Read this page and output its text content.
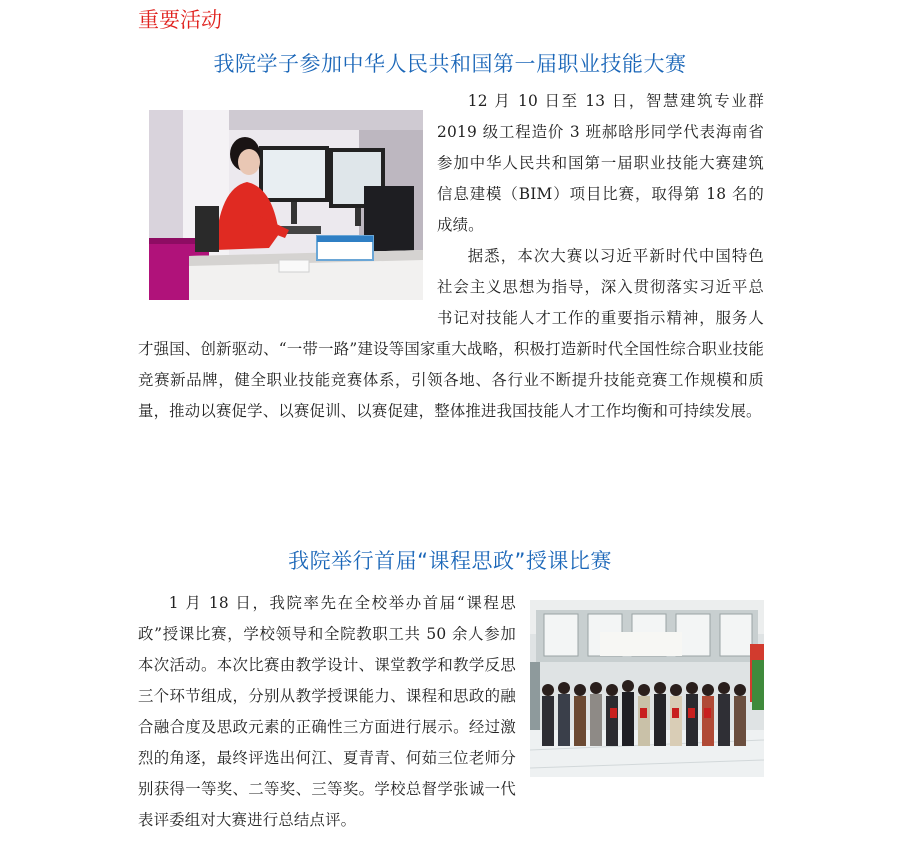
重要活动
我院学子参加中华人民共和国第一届职业技能大赛

12 月 10 日至 13 日，智慧建筑专业群 2019 级工程造价 3 班郝晗彤同学代表海南省参加中华人民共和国第一届职业技能大赛建筑信息建模（BIM）项目比赛，取得第 18 名的成绩。

据悉，本次大赛以习近平新时代中国特色社会主义思想为指导，深入贯彻落实习近平总书记对技能人才工作的重要指示精神，服务人才强国、创新驱动、“一带一路”建设等国家重大战略，积极打造新时代全国性综合职业技能竞赛新品牌，健全职业技能竞赛体系，引领各地、各行业不断提升技能竞赛工作规模和质量，推动以赛促学、以赛促训、以赛促建，整体推进我国技能人才工作均衡和可持续发展。

我院举行首届“课程思政”授课比赛

1 月 18 日，我院率先在全校举办首届“课程思政”授课比赛，学校领导和全院教职工共 50 余人参加本次活动。本次比赛由教学设计、课堂教学和教学反思三个环节组成，分别从教学授课能力、课程和思政的融合融合度及思政元素的正确性三方面进行展示。经过激烈的角逐，最终评选出何江、夏青青、何茹三位老师分别获得一等奖、二等奖、三等奖。学校总督学张诚一代表评委组对大赛进行总结点评。
